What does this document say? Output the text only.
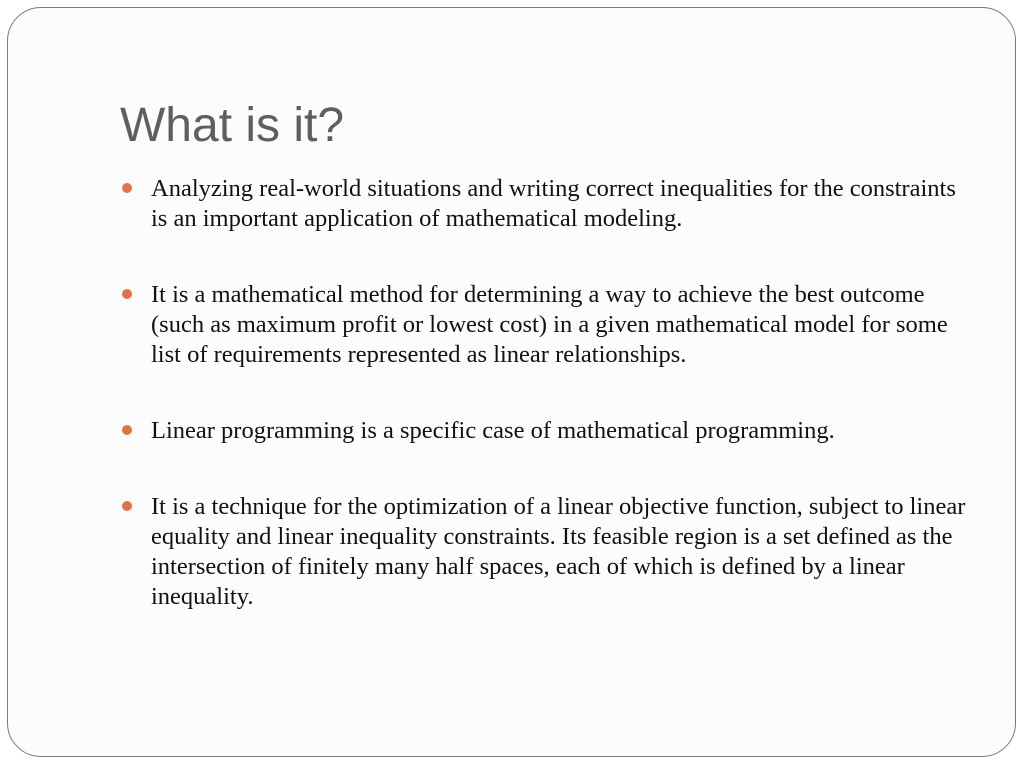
What is it?
Analyzing real-world situations and writing correct inequalities for the constraints is an important application of mathematical modeling.
It is a mathematical method for determining a way to achieve the best outcome (such as maximum profit or lowest cost) in a given mathematical model for some list of requirements represented as linear relationships.
Linear programming is a specific case of mathematical programming.
It is a technique for the optimization of a linear objective function, subject to linear equality and linear inequality constraints. Its feasible region is a set defined as the intersection of finitely many half spaces, each of which is defined by a linear inequality.
